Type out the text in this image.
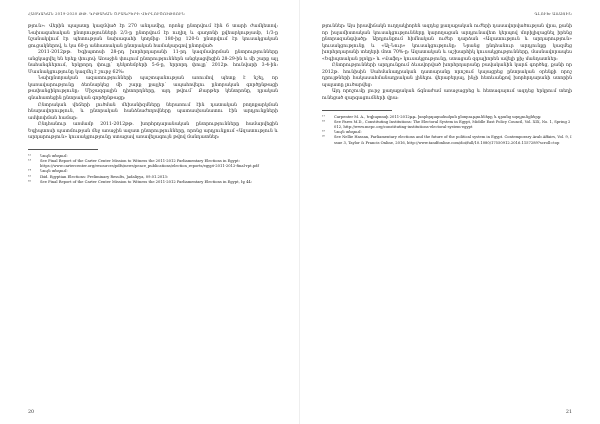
ՀԱՅԿԱԿԱՆ 2019-2020 ԹԹ. ԿՐԹԱԿԱՆ ԾՐԱԳՐԵՐԻ ՎԵՐԼՈՒԾՈՒԹՅՈՒՆ

թյուն»: Վերին պալատը կազմված էր 270 անդամից, որոնց ընտրվում էին 6 տարի ժամկետով: Նախագահական ընտրությունների 2/3-ը ընտրվում էր ուղիղ և գաղտնի քվեարկությամբ, 1/3-ը նշանակվում էր պետության նախագահի կողմից: 180-ից 120-ն ընտրվում էր կուսակցական ցուցակներով, և կա 60-ը անհատական ընտրական համակարգով ընտրված։

2011-2012թթ. Եգիպտոսի 28-րդ խորհրդարանի 11-րդ կազմավորման ընտրությունները անցկացվել են երեք փուլով։ Առաջին փուլում ընտրություններն անցկացվեցին 28-29-ին և մի շարք այլ նահանգներում, երկրորդ փուլը՝ դեկտեմբերի 5-6-ը, երրորդ փուլը՝ 2012թ. հունվարի 3-4-ին։ Մասնակցությունը կազմել է շուրջ 62%։

Նախընտրական ազատությունների պաշտպանության առումով պետք է նշել, որ կառավարությունը ձեռնարկեց մի շարք քայլեր՝ ապահովելու ընտրական գործընթացի թափանցիկությունը։ Միջազգային դիտորդները, այդ թվում՝ Քարթեր կենտրոնը, դրական գնահատեցին ընտրական գործընթացը։

Ընտրական վեճերի լուծման մեխանիզմները ներառում էին դատական բողոքարկման հնարավորություն, և ընտրական հանձնաժողովները պատասխանատու էին արդյունքների ամփոփման համար։

Ընդհանուր առմամբ 2011-2012թթ. խորհրդարանական ընտրությունները համարվեցին Եգիպտոսի պատմության մեջ առաջին ազատ ընտրությունները, որոնց արդյունքում «Ազատություն և արդարություն» կուսակցությունը ստացավ առավելագույն թվով մանդատներ։

¹²	Նույն տեղում։
¹³	See Final Report of the Carter Center Mission to Witness the 2011-2012 Parliamentary Elections in Egypt։
https://www.cartercenter.org/resources/pdfs/news/peace_publications/election_reports/egypt-2011-2012-final-rpt.pdf
¹⁴	Նույն տեղում։
¹⁵	Ibid. Egyptian Elections: Preliminary Results, Jadaliyya, 09.01.2013։
¹⁶	See Final Report of the Carter Center Mission to Witness the 2011-2012 Parliamentary Elections in Egypt, էջ 44։
20
ԳԼՈՒԽ ԱՌԱՋԻՆ

թյուններ։ Այս իրավիճակն ուղղակիորեն ազդեց քաղաքական ուժերի դասավորվածության վրա, քանի որ իսլամիստական կուսակցությունները կարողացան արդյունավետ կերպով մոբիլիզացնել իրենց ընտրազանգվածը։ Արդյունքում հիմնական ուժեր դարձան «Ազատություն և արդարություն» կուսակցությունը և «Ալ-Նուր» կուսակցությունը։ Նրանց ընդհանուր արդյունքը կազմեց խորհրդարանի տեղերի մոտ 70%-ը։ Ազատական և աշխարհիկ կուսակցությունները, մասնավորապես «Եգիպտական բլոկը» և «Վաֆդ» կուսակցությունը, ստացան զգալիորեն ավելի քիչ մանդատներ։

Ընտրությունների արդյունքում ձևավորված խորհրդարանը բավականին կարճ գործեց, քանի որ 2012թ. հունիսին Սահմանադրական դատարանը որոշում կայացրեց ընտրական օրենքի որոշ դրույթների հակասահմանադրական լինելու վերաբերյալ, ինչի հետևանքով խորհրդարանի ստորին պալատը լուծարվեց։

Այդ որոշումը լուրջ քաղաքական ճգնաժամ առաջացրեց և հետագայում ազդեց երկրում տեղի ունեցած զարգացումների վրա։

¹⁷	Carpenter M. A., Եգիպտոսի 2011-2012թթ. խորհրդարանական ընտրությունները և դրանց արդյունքները։
¹⁸	See Fares M.D., Constituting Institutions: The Electoral System in Egypt, Middle East Policy Council, Vol. XIX, No. 1, Spring 2012, http://www.mepc.org/constituting-institutions-electoral-system-egypt
¹⁹	Նույն տեղում։
²⁰	See Nellie Hassan, Parliamentary elections and the future of the political system in Egypt. Contemporary Arab Affairs, Vol. 9, Issue 3, Taylor & Francis Online, 2016, http://www.tandfonline.com/doi/full/10.1080/17550912.2016.1157289?scroll=top
21
